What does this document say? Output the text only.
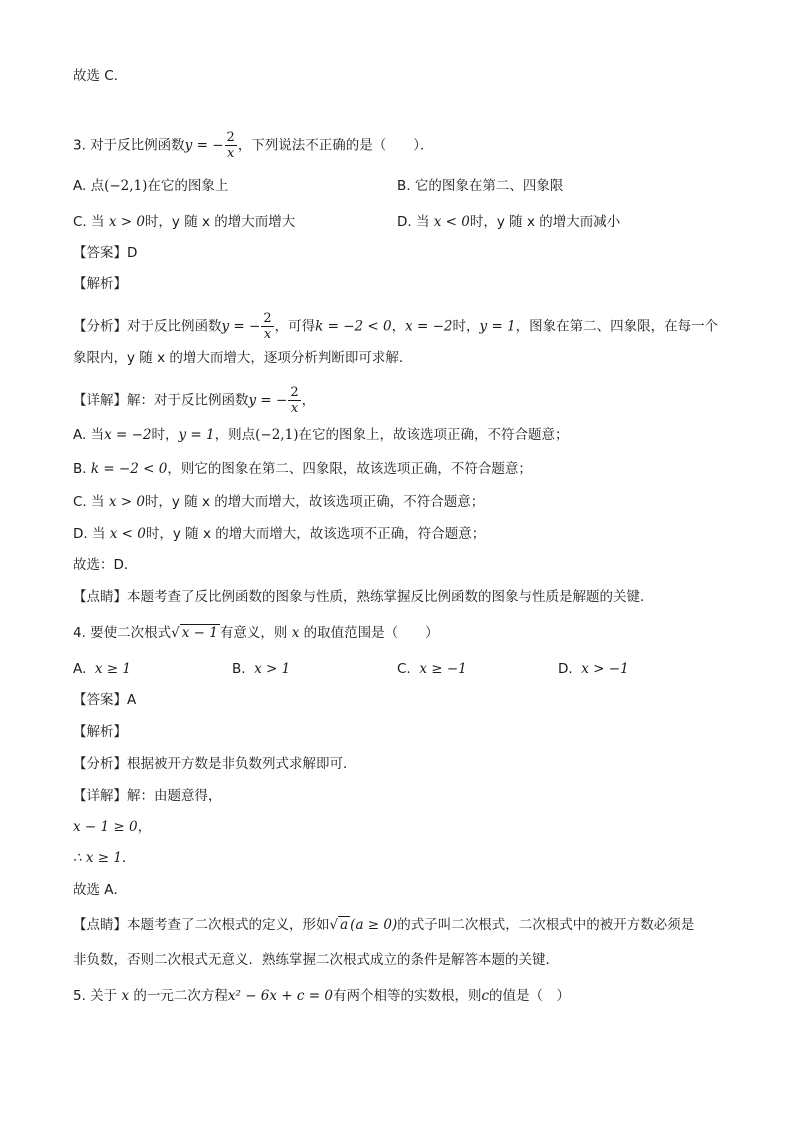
故选 C．
3. 对于反比例函数y = − $\frac{2}{x}$ ，下列说法不正确的是（　　）．
A. 点(−2,1)在它的图象上	B. 它的图象在第二、四象限
C. 当 x > 0时，y 随 x 的增大而增大	D. 当 x < 0时，y 随 x 的增大而减小
【答案】D
【解析】
【分析】对于反比例函数y = − $\frac{2}{x}$ ，可得k = −2 < 0，x = −2时，y = 1，图象在第二、四象限，在每一个
象限内，y 随 x 的增大而增大，逐项分析判断即可求解．
【详解】解：对于反比例函数y = − $\frac{2}{x}$ ，
A. 当x = −2时，y = 1，则点(−2,1)在它的图象上，故该选项正确，不符合题意；
B. k = −2 < 0，则它的图象在第二、四象限，故该选项正确，不符合题意；
C. 当 x > 0时，y 随 x 的增大而增大，故该选项正确，不符合题意；
D. 当 x < 0时，y 随 x 的增大而增大，故该选项不正确，符合题意；
故选：D．
【点睛】本题考查了反比例函数的图象与性质，熟练掌握反比例函数的图象与性质是解题的关键．
4. 要使二次根式√ x − 1 有意义，则 x 的取值范围是（　　）
A. x ≥ 1	B. x > 1	C. x ≥ −1	D. x > −1
【答案】A
【解析】
【分析】根据被开方数是非负数列式求解即可．
【详解】解：由题意得，
x − 1 ≥ 0，
∴ x ≥ 1．
故选 A．
【点睛】本题考查了二次根式的定义，形如√ a (a ≥ 0)的式子叫二次根式，二次根式中的被开方数必须是
非负数，否则二次根式无意义．熟练掌握二次根式成立的条件是解答本题的关键．
5. 关于 x 的一元二次方程x² − 6x + c = 0有两个相等的实数根，则c的值是（　）
